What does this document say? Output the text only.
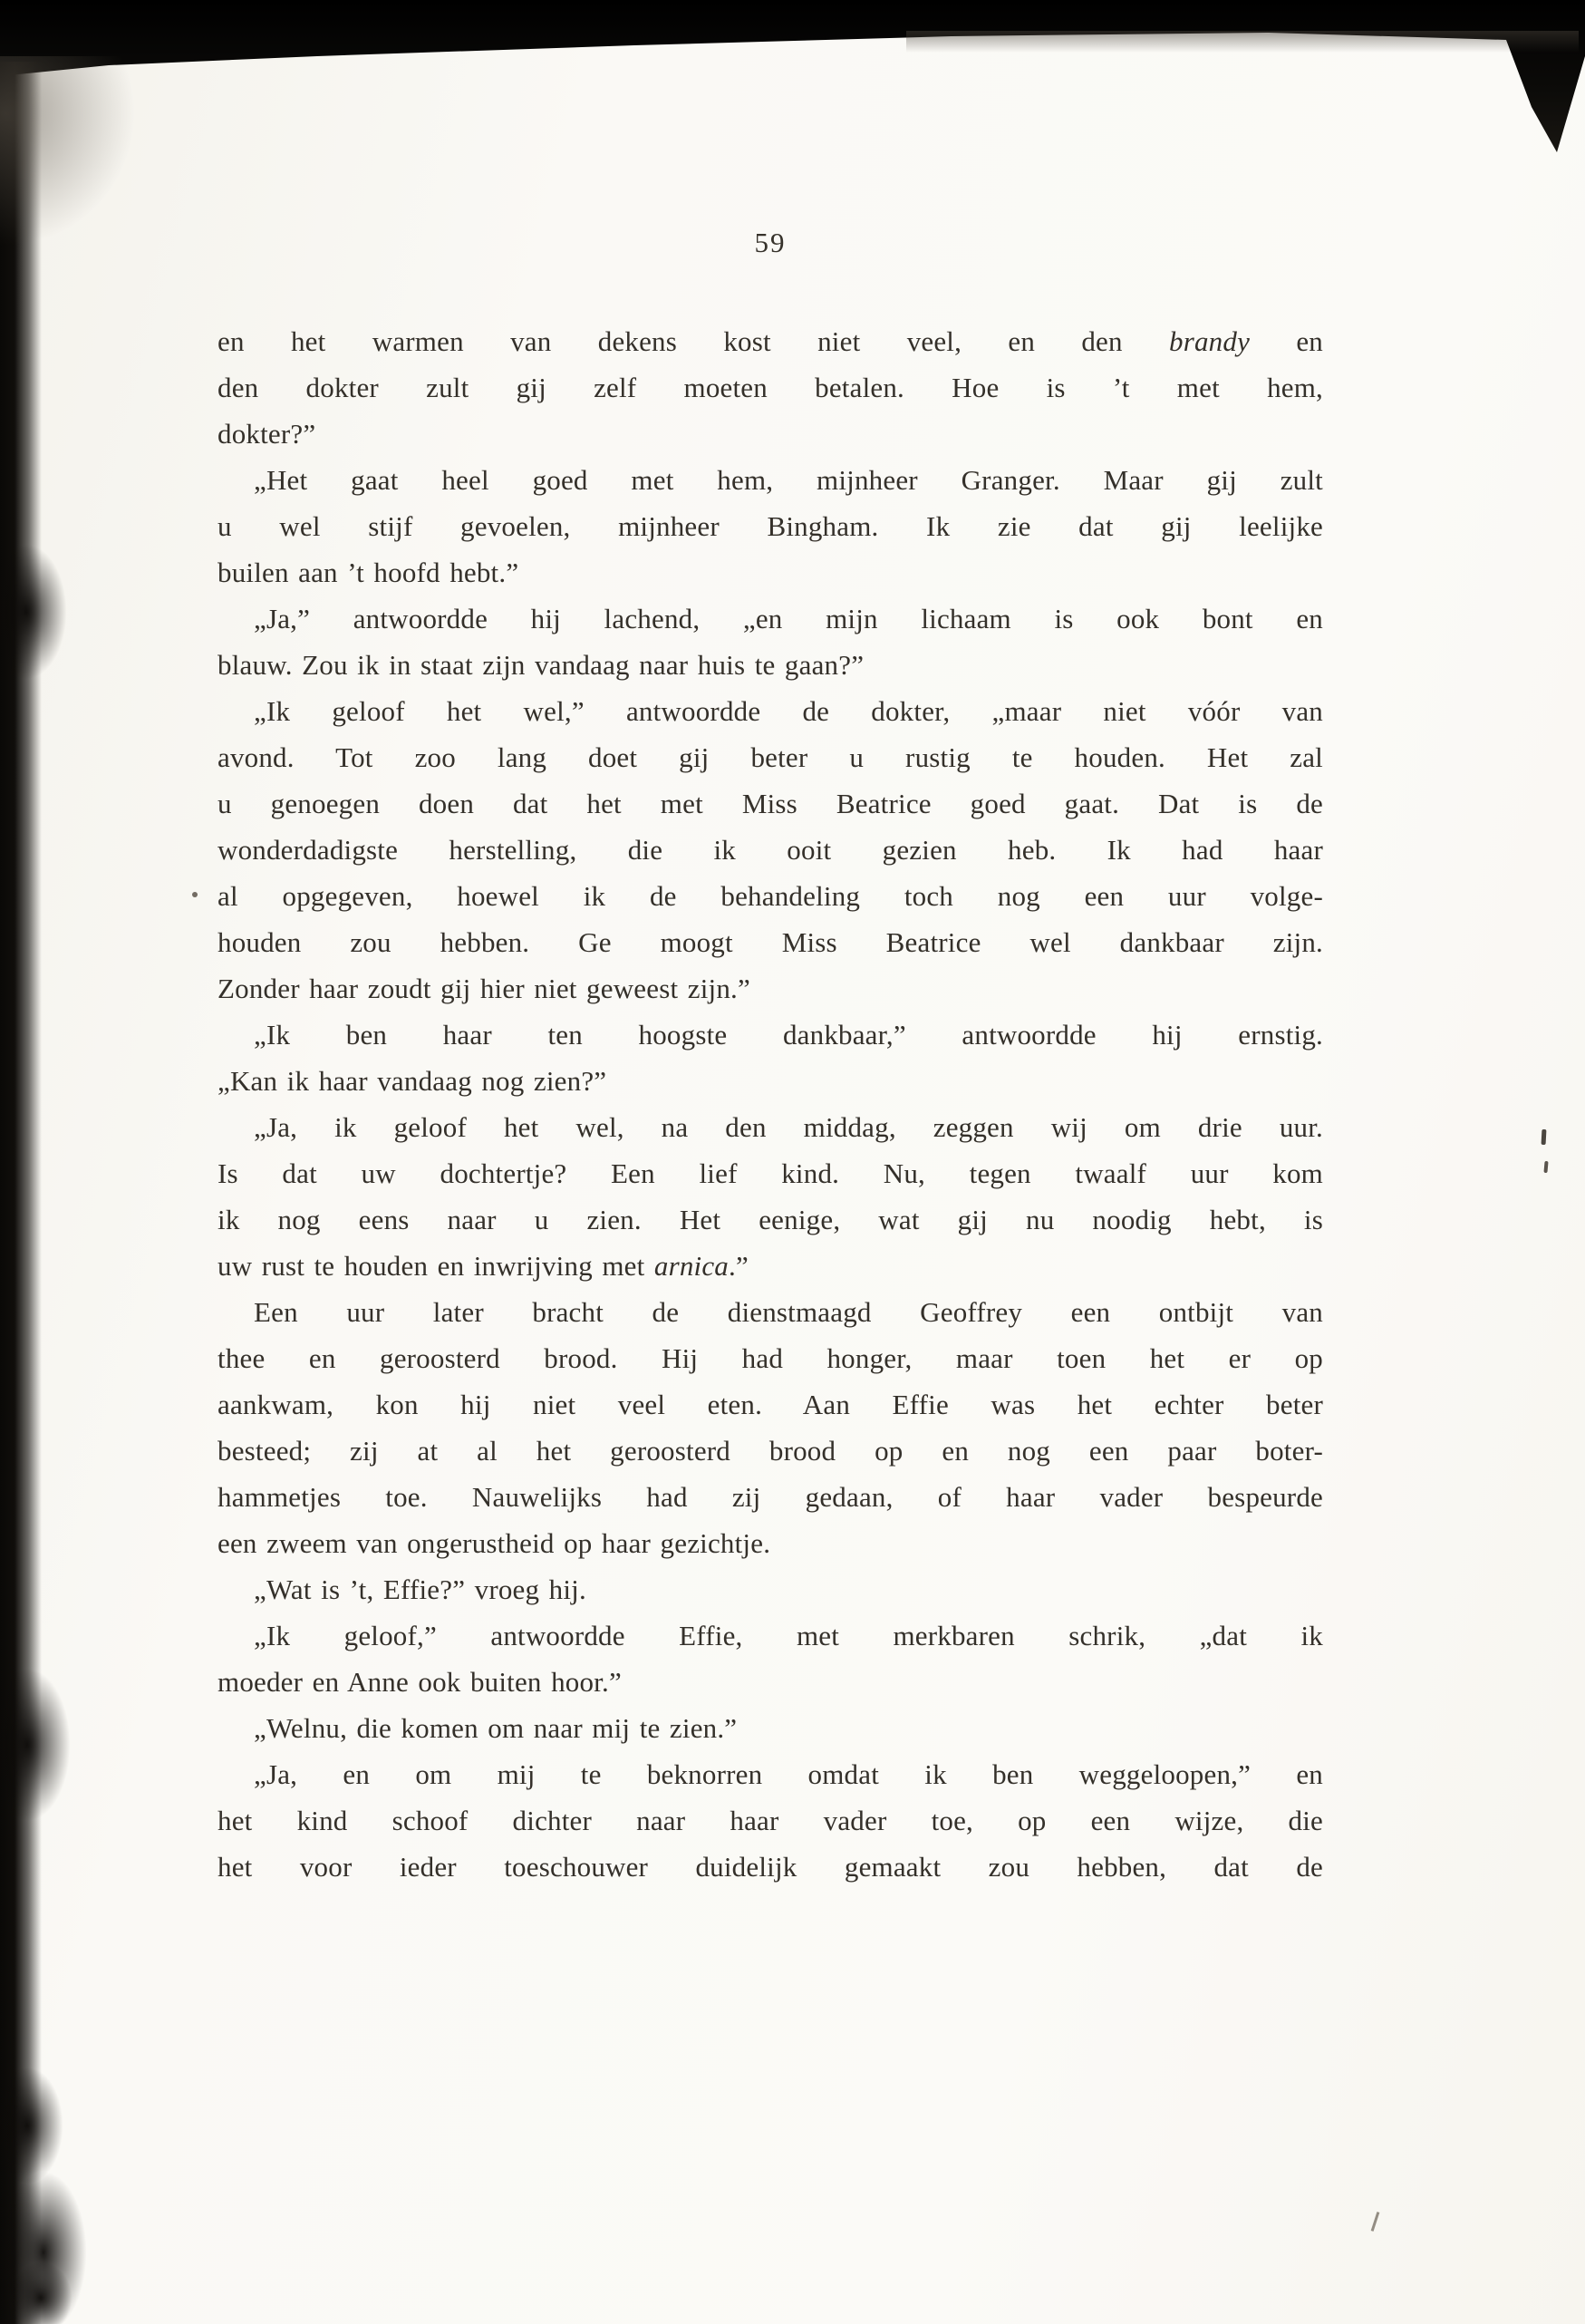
59

en het warmen van dekens kost niet veel, en den brandy en
den dokter zult gij zelf moeten betalen. Hoe is ’t met hem,
dokter?”

„Het gaat heel goed met hem, mijnheer Granger. Maar gij zult
u wel stijf gevoelen, mijnheer Bingham. Ik zie dat gij leelijke
builen aan ’t hoofd hebt.”

„Ja,” antwoordde hij lachend, „en mijn lichaam is ook bont en
blauw. Zou ik in staat zijn vandaag naar huis te gaan?”

„Ik geloof het wel,” antwoordde de dokter, „maar niet vóór van
avond. Tot zoo lang doet gij beter u rustig te houden. Het zal
u genoegen doen dat het met Miss Beatrice goed gaat. Dat is de
wonderdadigste herstelling, die ik ooit gezien heb. Ik had haar
al opgegeven, hoewel ik de behandeling toch nog een uur volge-
houden zou hebben. Ge moogt Miss Beatrice wel dankbaar zijn.
Zonder haar zoudt gij hier niet geweest zijn.”

„Ik ben haar ten hoogste dankbaar,” antwoordde hij ernstig.
„Kan ik haar vandaag nog zien?”

„Ja, ik geloof het wel, na den middag, zeggen wij om drie uur.
Is dat uw dochtertje? Een lief kind. Nu, tegen twaalf uur kom
ik nog eens naar u zien. Het eenige, wat gij nu noodig hebt, is
uw rust te houden en inwrijving met arnica.”

Een uur later bracht de dienstmaagd Geoffrey een ontbijt van
thee en geroosterd brood. Hij had honger, maar toen het er op
aankwam, kon hij niet veel eten. Aan Effie was het echter beter
besteed; zij at al het geroosterd brood op en nog een paar boter-
hammetjes toe. Nauwelijks had zij gedaan, of haar vader bespeurde
een zweem van ongerustheid op haar gezichtje.

„Wat is ’t, Effie?” vroeg hij.

„Ik geloof,” antwoordde Effie, met merkbaren schrik, „dat ik
moeder en Anne ook buiten hoor.”

„Welnu, die komen om naar mij te zien.”

„Ja, en om mij te beknorren omdat ik ben weggeloopen,” en
het kind schoof dichter naar haar vader toe, op een wijze, die
het voor ieder toeschouwer duidelijk gemaakt zou hebben, dat de
